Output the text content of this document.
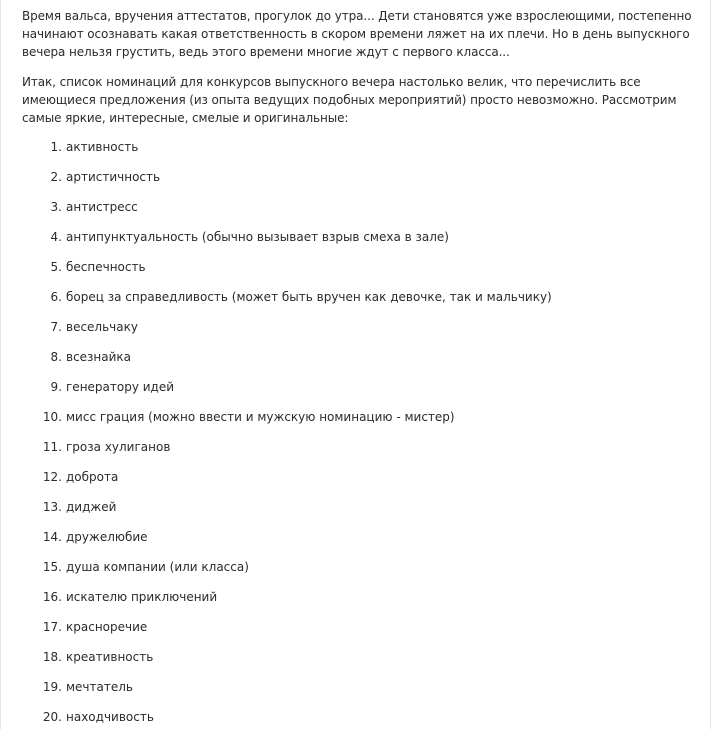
Время вальса, вручения аттестатов, прогулок до утра... Дети становятся уже взрослеющими, постепенно начинают осознавать какая ответственность в скором времени ляжет на их плечи. Но в день выпускного вечера нельзя грустить, ведь этого времени многие ждут с первого класса...

Итак, список номинаций для конкурсов выпускного вечера настолько велик, что перечислить все имеющиеся предложения (из опыта ведущих подобных мероприятий) просто невозможно. Рассмотрим самые яркие, интересные, смелые и оригинальные:

1. активность
2. артистичность
3. антистресс
4. антипунктуальность (обычно вызывает взрыв смеха в зале)
5. беспечность
6. борец за справедливость (может быть вручен как девочке, так и мальчику)
7. весельчаку
8. всезнайка
9. генератору идей
10. мисс грация (можно ввести и мужскую номинацию - мистер)
11. гроза хулиганов
12. доброта
13. диджей
14. дружелюбие
15. душа компании (или класса)
16. искателю приключений
17. красноречие
18. креативность
19. мечтатель
20. находчивость
